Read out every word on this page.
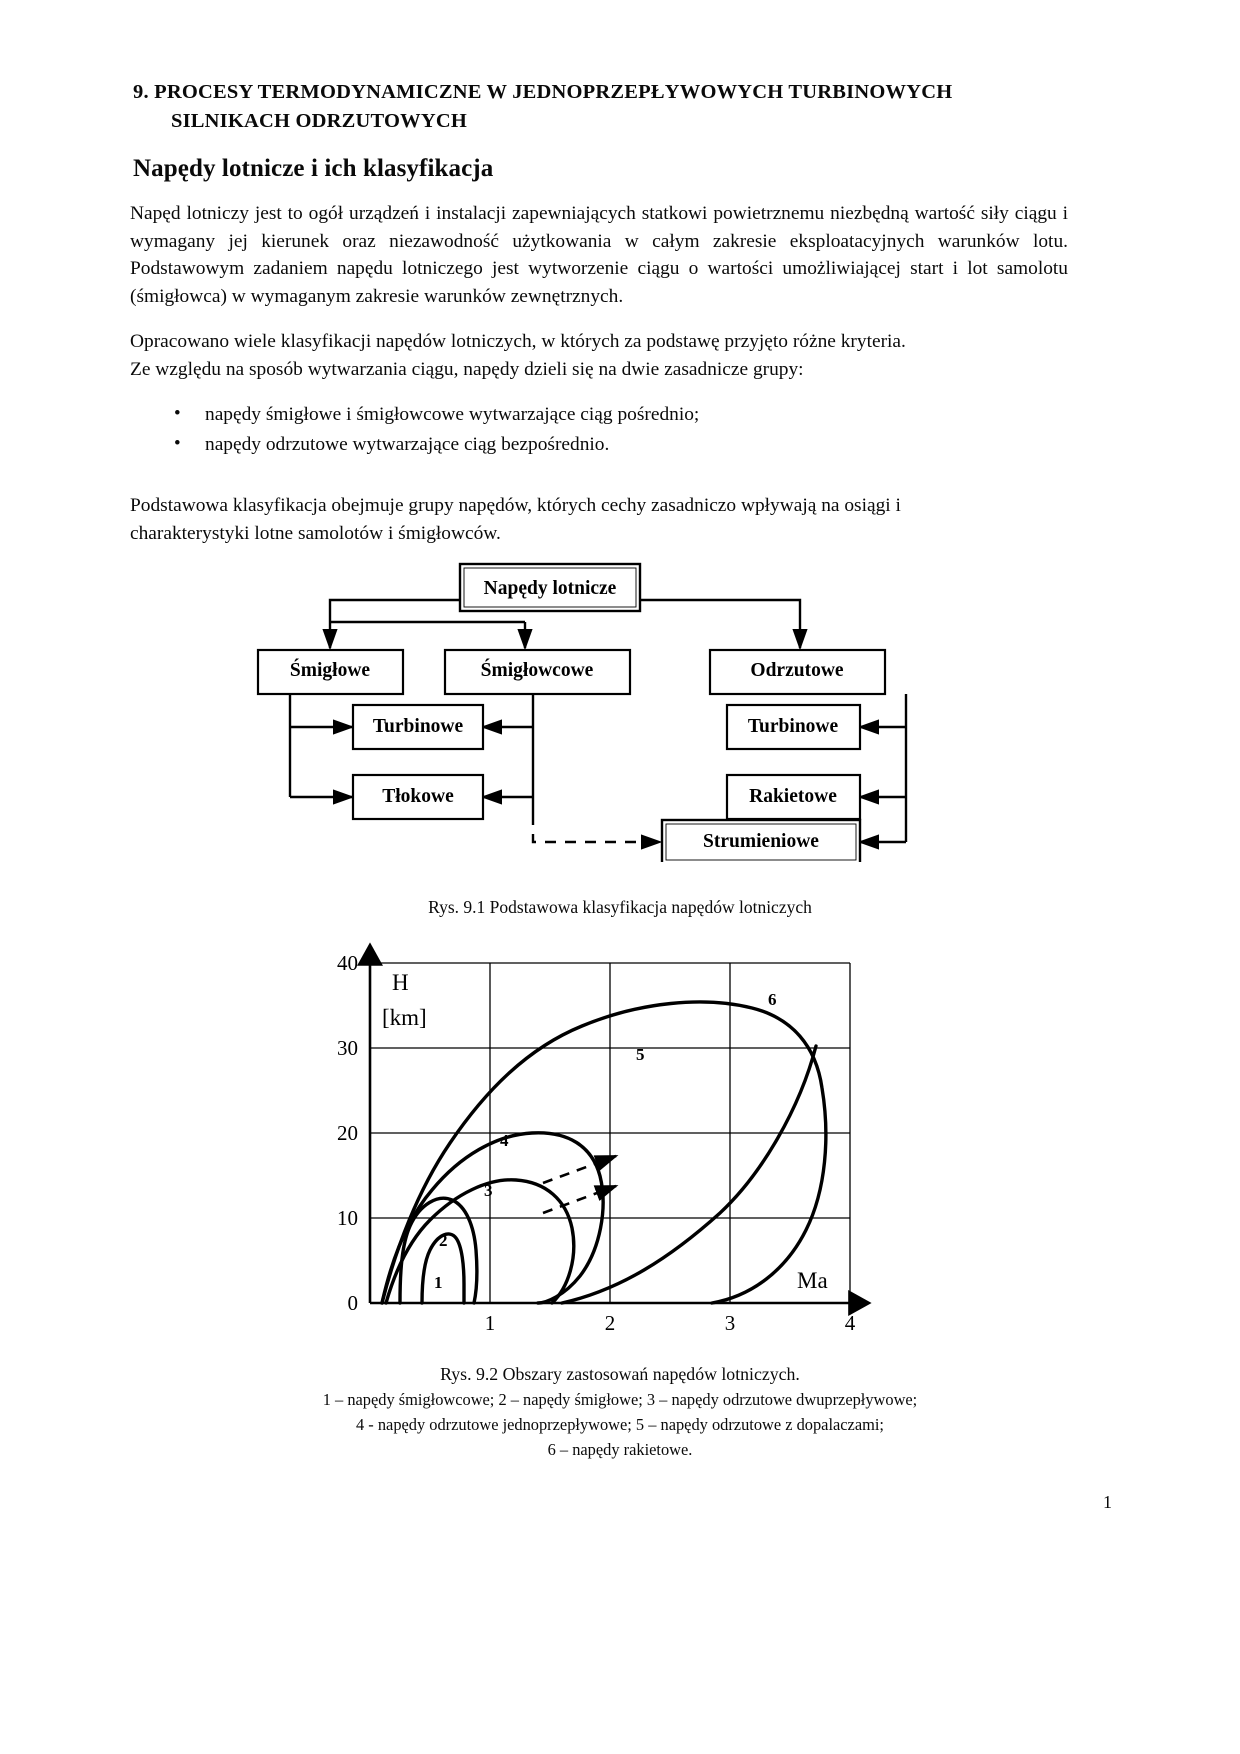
9. PROCESY TERMODYNAMICZNE W JEDNOPRZEPŁYWOWYCH TURBINOWYCH
SILNIKACH ODRZUTOWYCH
Napędy lotnicze i ich klasyfikacja
Napęd lotniczy jest to ogół urządzeń i instalacji zapewniających statkowi powietrznemu niezbędną wartość siły ciągu i wymagany jej kierunek oraz niezawodność użytkowania w całym zakresie eksploatacyjnych warunków lotu. Podstawowym zadaniem napędu lotniczego jest wytworzenie ciągu o wartości umożliwiającej start i lot samolotu (śmigłowca) w wymaganym zakresie warunków zewnętrznych.
Opracowano wiele klasyfikacji napędów lotniczych, w których za podstawę przyjęto różne kryteria.
Ze względu na sposób wytwarzania ciągu, napędy dzieli się na dwie zasadnicze grupy:
• napędy śmigłowe i śmigłowcowe wytwarzające ciąg pośrednio;
• napędy odrzutowe wytwarzające ciąg bezpośrednio.
Podstawowa klasyfikacja obejmuje grupy napędów, których cechy zasadniczo wpływają na osiągi i
charakterystyki lotne samolotów i śmigłowców.
Napędy lotnicze
Śmigłowe	Śmigłowcowe	Odrzutowe
Turbinowe
Tłokowe
Turbinowe
Rakietowe
Strumieniowe
Rys. 9.1 Podstawowa klasyfikacja napędów lotniczych
40
30
20
10
0
1	2	3	4
H
[km]
Ma
1
2
3
4
5
6
Rys. 9.2 Obszary zastosowań napędów lotniczych.
1 – napędy śmigłowcowe; 2 – napędy śmigłowe; 3 – napędy odrzutowe dwuprzepływowe;
4 - napędy odrzutowe jednoprzepływowe; 5 – napędy odrzutowe z dopalaczami;
6 – napędy rakietowe.
1
